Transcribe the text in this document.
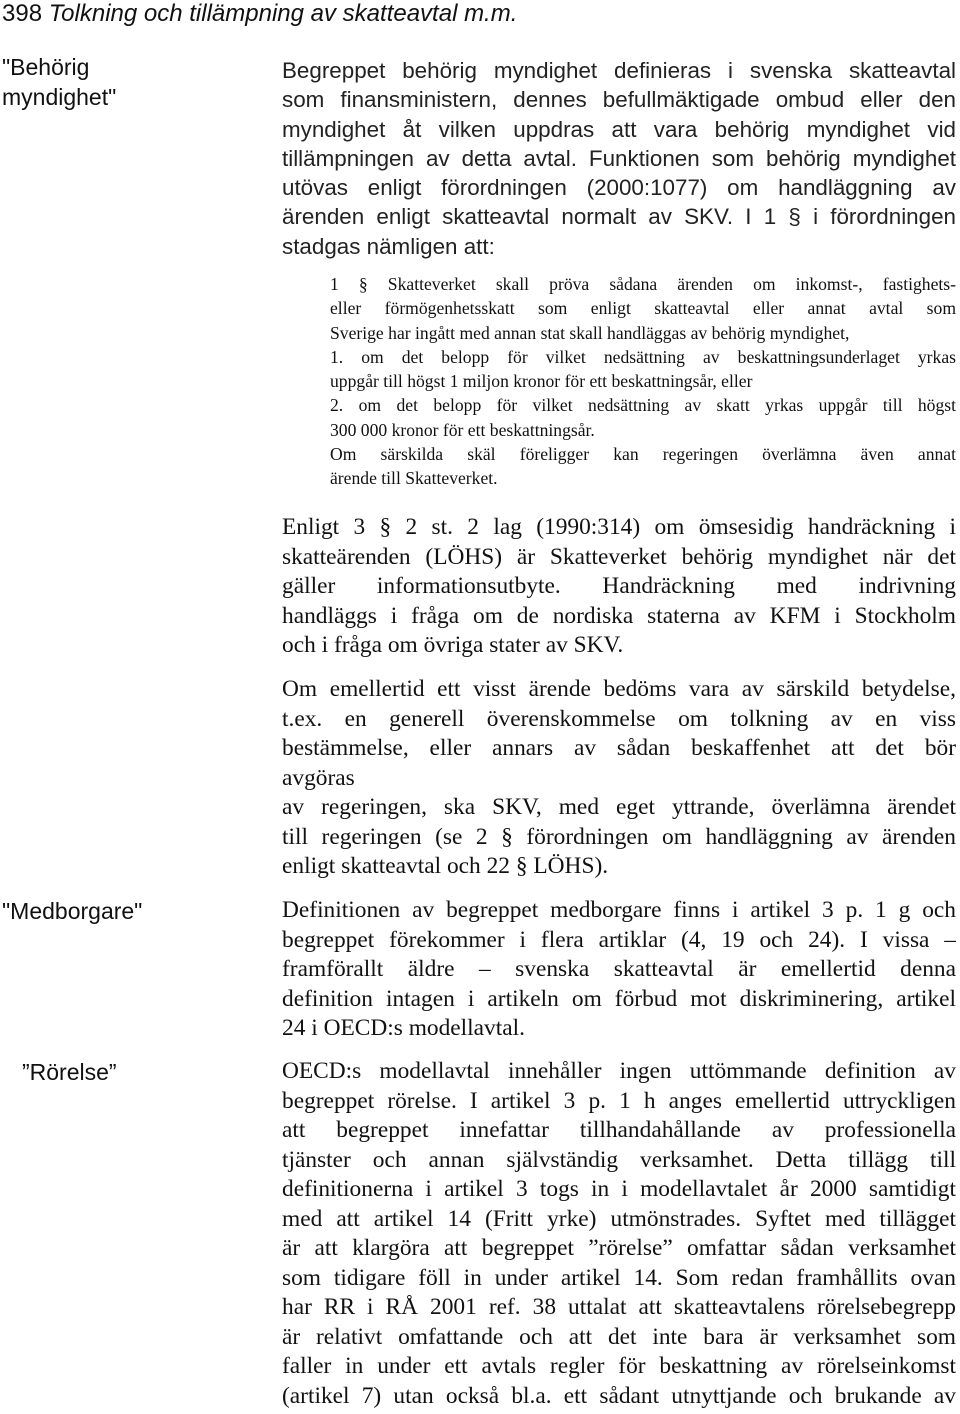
398 Tolkning och tillämpning av skatteavtal m.m.
"Behörig
myndighet"
"Medborgare"
”Rörelse”
Begreppet behörig myndighet definieras i svenska skatteavtal
som finansministern, dennes befullmäktigade ombud eller den
myndighet åt vilken uppdras att vara behörig myndighet vid
tillämpningen av detta avtal. Funktionen som behörig myndighet
utövas enligt förordningen (2000:1077) om handläggning av
ärenden enligt skatteavtal normalt av SKV. I 1 § i förordningen
stadgas nämligen att:
1 § Skatteverket skall pröva sådana ärenden om inkomst-, fastighets-
eller förmögenhetsskatt som enligt skatteavtal eller annat avtal som
Sverige har ingått med annan stat skall handläggas av behörig myndighet,
1. om det belopp för vilket nedsättning av beskattningsunderlaget yrkas
uppgår till högst 1 miljon kronor för ett beskattningsår, eller
2. om det belopp för vilket nedsättning av skatt yrkas uppgår till högst
300 000 kronor för ett beskattningsår.
Om särskilda skäl föreligger kan regeringen överlämna även annat
ärende till Skatteverket.
Enligt 3 § 2 st. 2 lag (1990:314) om ömsesidig handräckning i
skatteärenden (LÖHS) är Skatteverket behörig myndighet när det
gäller informationsutbyte. Handräckning med indrivning
handläggs i fråga om de nordiska staterna av KFM i Stockholm
och i fråga om övriga stater av SKV.
Om emellertid ett visst ärende bedöms vara av särskild betydelse,
t.ex. en generell överenskommelse om tolkning av en viss
bestämmelse, eller annars av sådan beskaffenhet att det bör
avgöras
av regeringen, ska SKV, med eget yttrande, överlämna ärendet
till regeringen (se 2 § förordningen om handläggning av ärenden
enligt skatteavtal och 22 § LÖHS).
Definitionen av begreppet medborgare finns i artikel 3 p. 1 g och
begreppet förekommer i flera artiklar (4, 19 och 24). I vissa –
framförallt äldre – svenska skatteavtal är emellertid denna
definition intagen i artikeln om förbud mot diskriminering, artikel
24 i OECD:s modellavtal.
OECD:s modellavtal innehåller ingen uttömmande definition av
begreppet rörelse. I artikel 3 p. 1 h anges emellertid uttryckligen
att begreppet innefattar tillhandahållande av professionella
tjänster och annan självständig verksamhet. Detta tillägg till
definitionerna i artikel 3 togs in i modellavtalet år 2000 samtidigt
med att artikel 14 (Fritt yrke) utmönstrades. Syftet med tillägget
är att klargöra att begreppet ”rörelse” omfattar sådan verksamhet
som tidigare föll in under artikel 14. Som redan framhållits ovan
har RR i RÅ 2001 ref. 38 uttalat att skatteavtalens rörelsebegrepp
är relativt omfattande och att det inte bara är verksamhet som
faller in under ett avtals regler för beskattning av rörelseinkomst
(artikel 7) utan också bl.a. ett sådant utnyttjande och brukande av
